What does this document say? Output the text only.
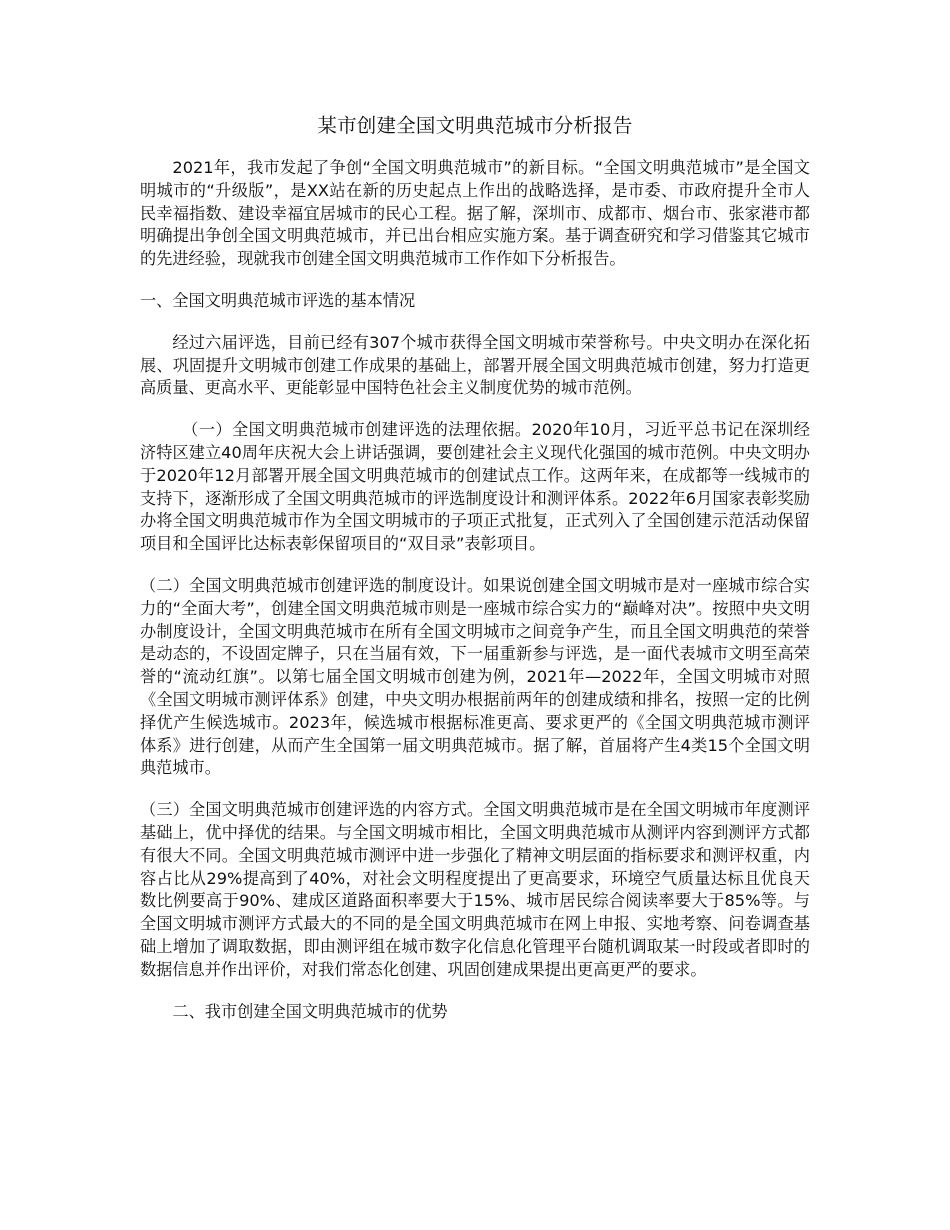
某市创建全国文明典范城市分析报告

2021年，我市发起了争创“全国文明典范城市”的新目标。“全国文明典范城市”是全国文明城市的“升级版”，是XX站在新的历史起点上作出的战略选择，是市委、市政府提升全市人民幸福指数、建设幸福宜居城市的民心工程。据了解，深圳市、成都市、烟台市、张家港市都明确提出争创全国文明典范城市，并已出台相应实施方案。基于调查研究和学习借鉴其它城市的先进经验，现就我市创建全国文明典范城市工作作如下分析报告。

一、全国文明典范城市评选的基本情况

经过六届评选，目前已经有307个城市获得全国文明城市荣誉称号。中央文明办在深化拓展、巩固提升文明城市创建工作成果的基础上，部署开展全国文明典范城市创建，努力打造更高质量、更高水平、更能彰显中国特色社会主义制度优势的城市范例。

（一）全国文明典范城市创建评选的法理依据。2020年10月，习近平总书记在深圳经济特区建立40周年庆祝大会上讲话强调，要创建社会主义现代化强国的城市范例。中央文明办于2020年12月部署开展全国文明典范城市的创建试点工作。这两年来，在成都等一线城市的支持下，逐渐形成了全国文明典范城市的评选制度设计和测评体系。2022年6月国家表彰奖励办将全国文明典范城市作为全国文明城市的子项正式批复，正式列入了全国创建示范活动保留项目和全国评比达标表彰保留项目的“双目录”表彰项目。

（二）全国文明典范城市创建评选的制度设计。如果说创建全国文明城市是对一座城市综合实力的“全面大考”，创建全国文明典范城市则是一座城市综合实力的“巅峰对决”。按照中央文明办制度设计，全国文明典范城市在所有全国文明城市之间竞争产生，而且全国文明典范的荣誉是动态的，不设固定牌子，只在当届有效，下一届重新参与评选，是一面代表城市文明至高荣誉的“流动红旗”。以第七届全国文明城市创建为例，2021年—2022年，全国文明城市对照《全国文明城市测评体系》创建，中央文明办根据前两年的创建成绩和排名，按照一定的比例择优产生候选城市。2023年，候选城市根据标准更高、要求更严的《全国文明典范城市测评体系》进行创建，从而产生全国第一届文明典范城市。据了解，首届将产生4类15个全国文明典范城市。

（三）全国文明典范城市创建评选的内容方式。全国文明典范城市是在全国文明城市年度测评基础上，优中择优的结果。与全国文明城市相比，全国文明典范城市从测评内容到测评方式都有很大不同。全国文明典范城市测评中进一步强化了精神文明层面的指标要求和测评权重，内容占比从29%提高到了40%，对社会文明程度提出了更高要求，环境空气质量达标且优良天数比例要高于90%、建成区道路面积率要大于15%、城市居民综合阅读率要大于85%等。与全国文明城市测评方式最大的不同的是全国文明典范城市在网上申报、实地考察、问卷调查基础上增加了调取数据，即由测评组在城市数字化信息化管理平台随机调取某一时段或者即时的数据信息并作出评价，对我们常态化创建、巩固创建成果提出更高更严的要求。

二、我市创建全国文明典范城市的优势
